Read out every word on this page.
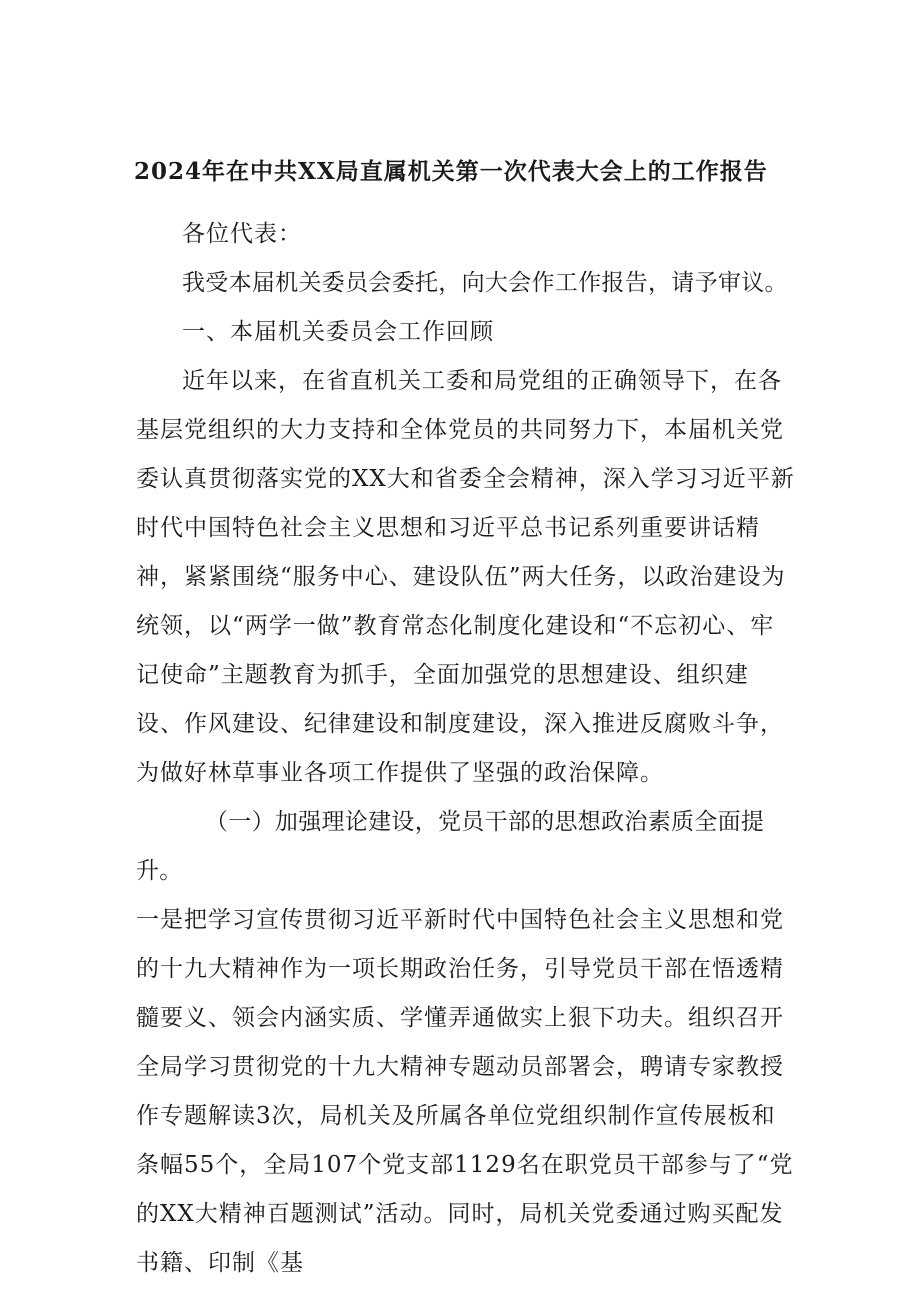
2024年在中共XX局直属机关第一次代表大会上的工作报告

各位代表：

我受本届机关委员会委托，向大会作工作报告，请予审议。

一、本届机关委员会工作回顾

近年以来，在省直机关工委和局党组的正确领导下，在各基层党组织的大力支持和全体党员的共同努力下，本届机关党委认真贯彻落实党的XX大和省委全会精神，深入学习习近平新时代中国特色社会主义思想和习近平总书记系列重要讲话精神，紧紧围绕“服务中心、建设队伍”两大任务，以政治建设为统领，以“两学一做”教育常态化制度化建设和“不忘初心、牢记使命”主题教育为抓手，全面加强党的思想建设、组织建设、作风建设、纪律建设和制度建设，深入推进反腐败斗争，为做好林草事业各项工作提供了坚强的政治保障。

（一）加强理论建设，党员干部的思想政治素质全面提升。

一是把学习宣传贯彻习近平新时代中国特色社会主义思想和党的十九大精神作为一项长期政治任务，引导党员干部在悟透精髓要义、领会内涵实质、学懂弄通做实上狠下功夫。组织召开全局学习贯彻党的十九大精神专题动员部署会，聘请专家教授作专题解读3次，局机关及所属各单位党组织制作宣传展板和条幅55个，全局107个党支部1129名在职党员干部参与了“党的XX大精神百题测试”活动。同时，局机关党委通过购买配发书籍、印制《基
